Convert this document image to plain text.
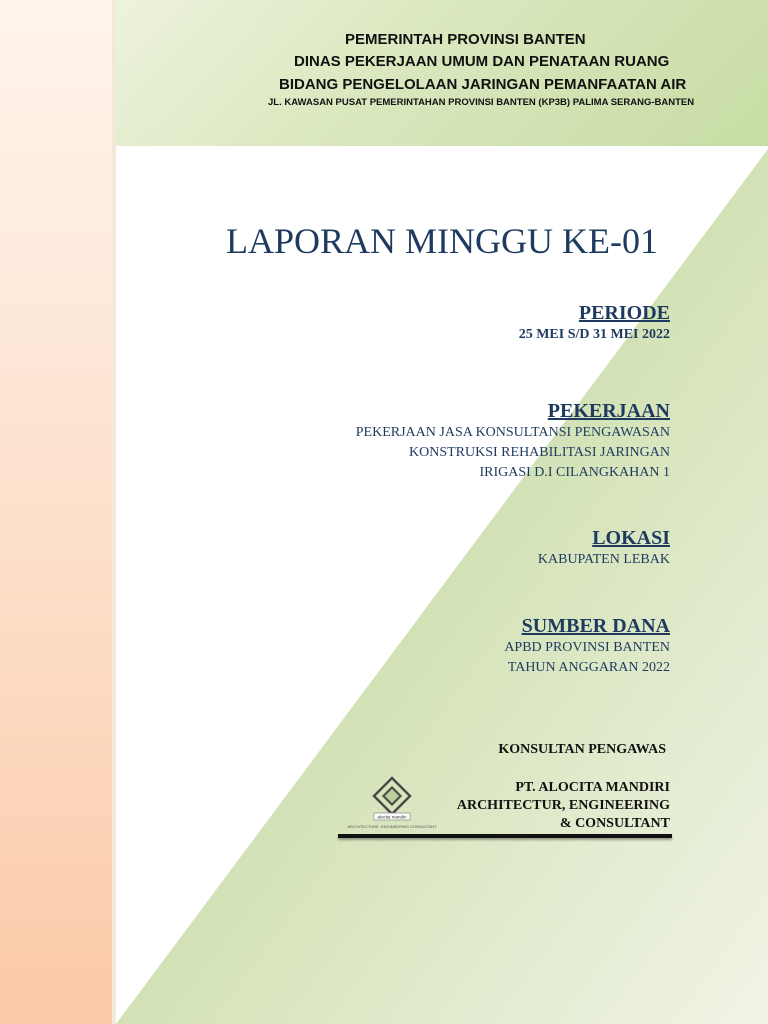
PEMERINTAH PROVINSI BANTEN
DINAS PEKERJAAN UMUM DAN PENATAAN RUANG
BIDANG PENGELOLAAN JARINGAN PEMANFAATAN AIR
JL. KAWASAN PUSAT PEMERINTAHAN PROVINSI BANTEN (KP3B) PALIMA SERANG-BANTEN
LAPORAN MINGGU KE-01
PERIODE
25 MEI S/D 31 MEI 2022
PEKERJAAN
PEKERJAAN JASA KONSULTANSI PENGAWASAN
KONSTRUKSI REHABILITASI JARINGAN
IRIGASI D.I CILANGKAHAN 1
LOKASI
KABUPATEN LEBAK
SUMBER DANA
APBD PROVINSI BANTEN
TAHUN ANGGARAN 2022
KONSULTAN PENGAWAS
PT. ALOCITA MANDIRI
ARCHITECTUR, ENGINEERING
& CONSULTANT
alocita mandiri
ARCHITECTURE, ENGINEERING CONSULTANT
